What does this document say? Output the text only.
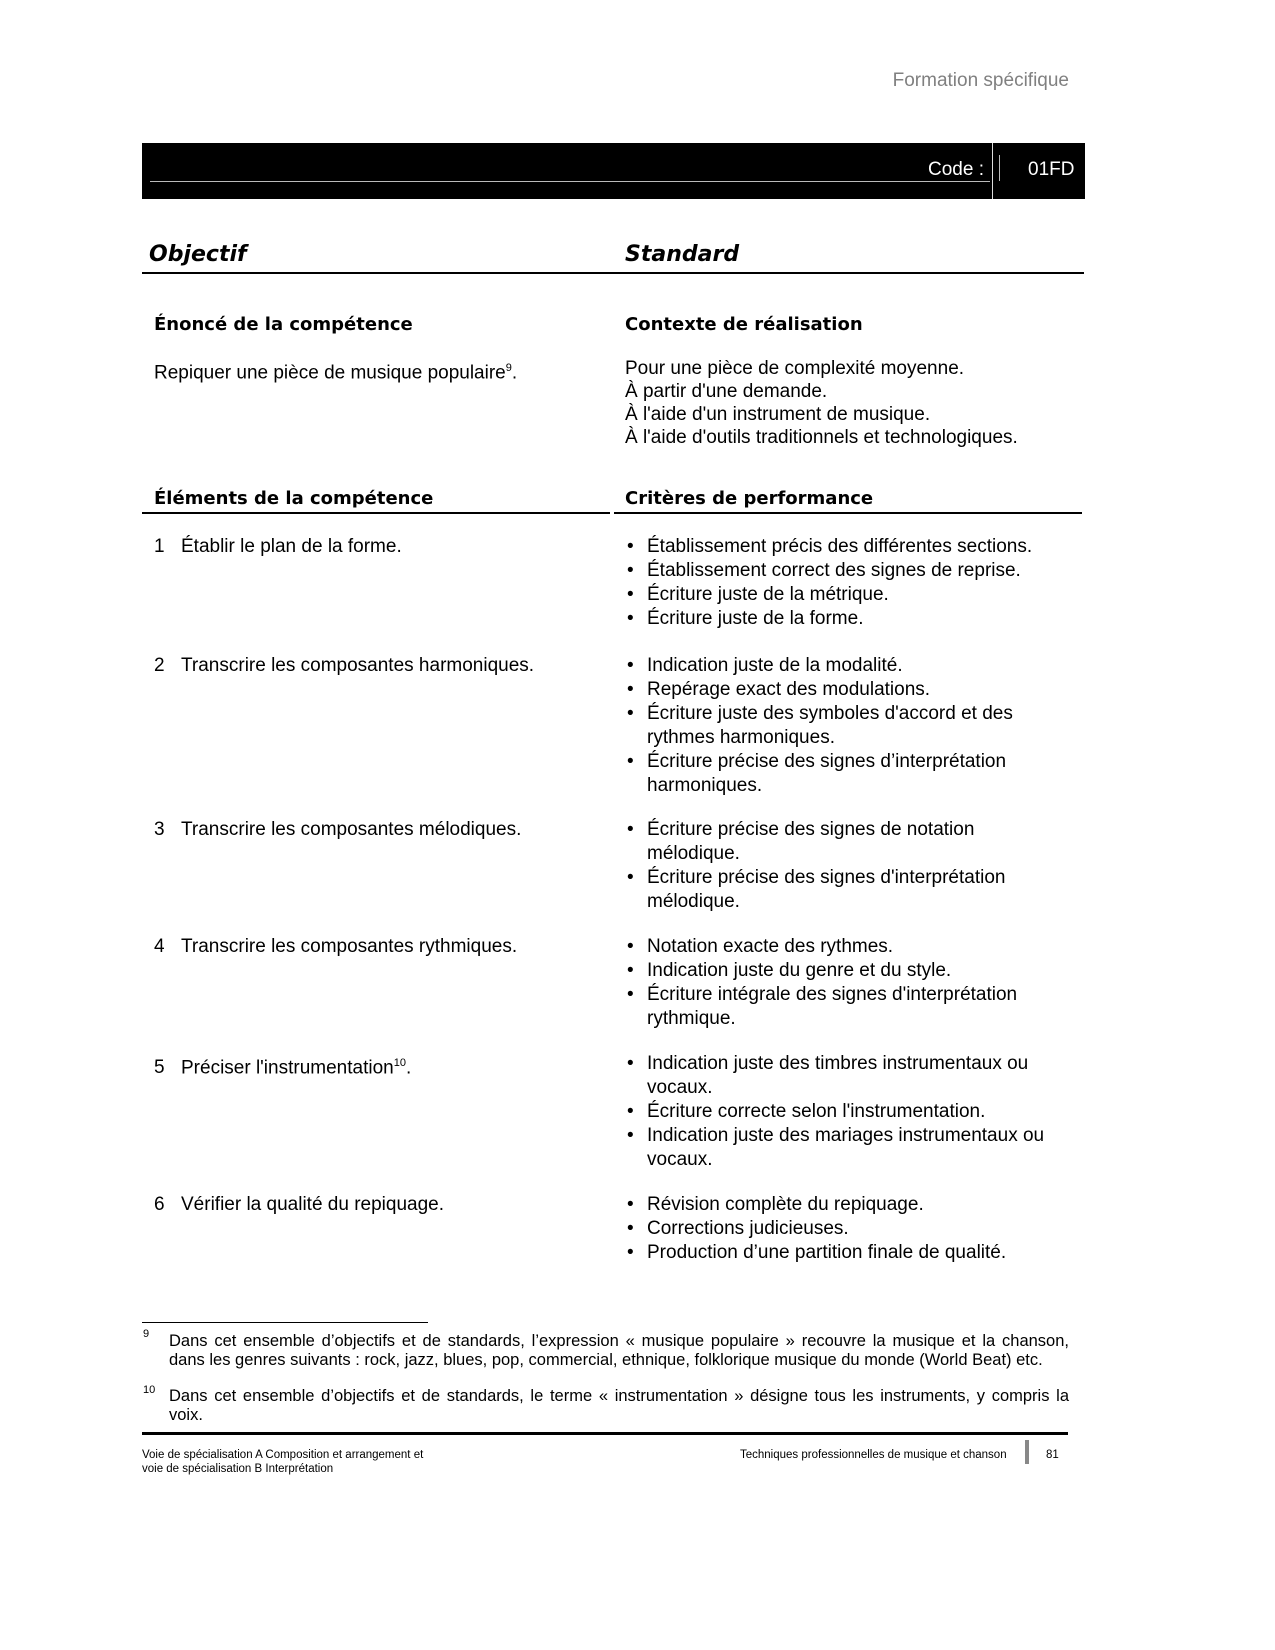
Formation spécifique
Code : 01FD
Objectif	Standard
Énoncé de la compétence	Contexte de réalisation
Repiquer une pièce de musique populaire$^9$.	Pour une pièce de complexité moyenne.
À partir d'une demande.
À l'aide d'un instrument de musique.
À l'aide d'outils traditionnels et technologiques.
Éléments de la compétence	Critères de performance
1 Établir le plan de la forme.	• Établissement précis des différentes sections.
• Établissement correct des signes de reprise.
• Écriture juste de la métrique.
• Écriture juste de la forme.
2 Transcrire les composantes harmoniques.	• Indication juste de la modalité.
• Repérage exact des modulations.
• Écriture juste des symboles d'accord et des rythmes harmoniques.
• Écriture précise des signes d’interprétation harmoniques.
3 Transcrire les composantes mélodiques.	• Écriture précise des signes de notation mélodique.
• Écriture précise des signes d'interprétation mélodique.
4 Transcrire les composantes rythmiques.	• Notation exacte des rythmes.
• Indication juste du genre et du style.
• Écriture intégrale des signes d'interprétation rythmique.
5 Préciser l'instrumentation$^{10}$.	• Indication juste des timbres instrumentaux ou vocaux.
• Écriture correcte selon l'instrumentation.
• Indication juste des mariages instrumentaux ou vocaux.
6 Vérifier la qualité du repiquage.	• Révision complète du repiquage.
• Corrections judicieuses.
• Production d’une partition finale de qualité.
9 Dans cet ensemble d’objectifs et de standards, l’expression « musique populaire » recouvre la musique et la chanson, dans les genres suivants : rock, jazz, blues, pop, commercial, ethnique, folklorique musique du monde (World Beat) etc.
10 Dans cet ensemble d’objectifs et de standards, le terme « instrumentation » désigne tous les instruments, y compris la voix.
Voie de spécialisation A Composition et arrangement et
voie de spécialisation B Interprétation
Techniques professionnelles de musique et chanson	81
